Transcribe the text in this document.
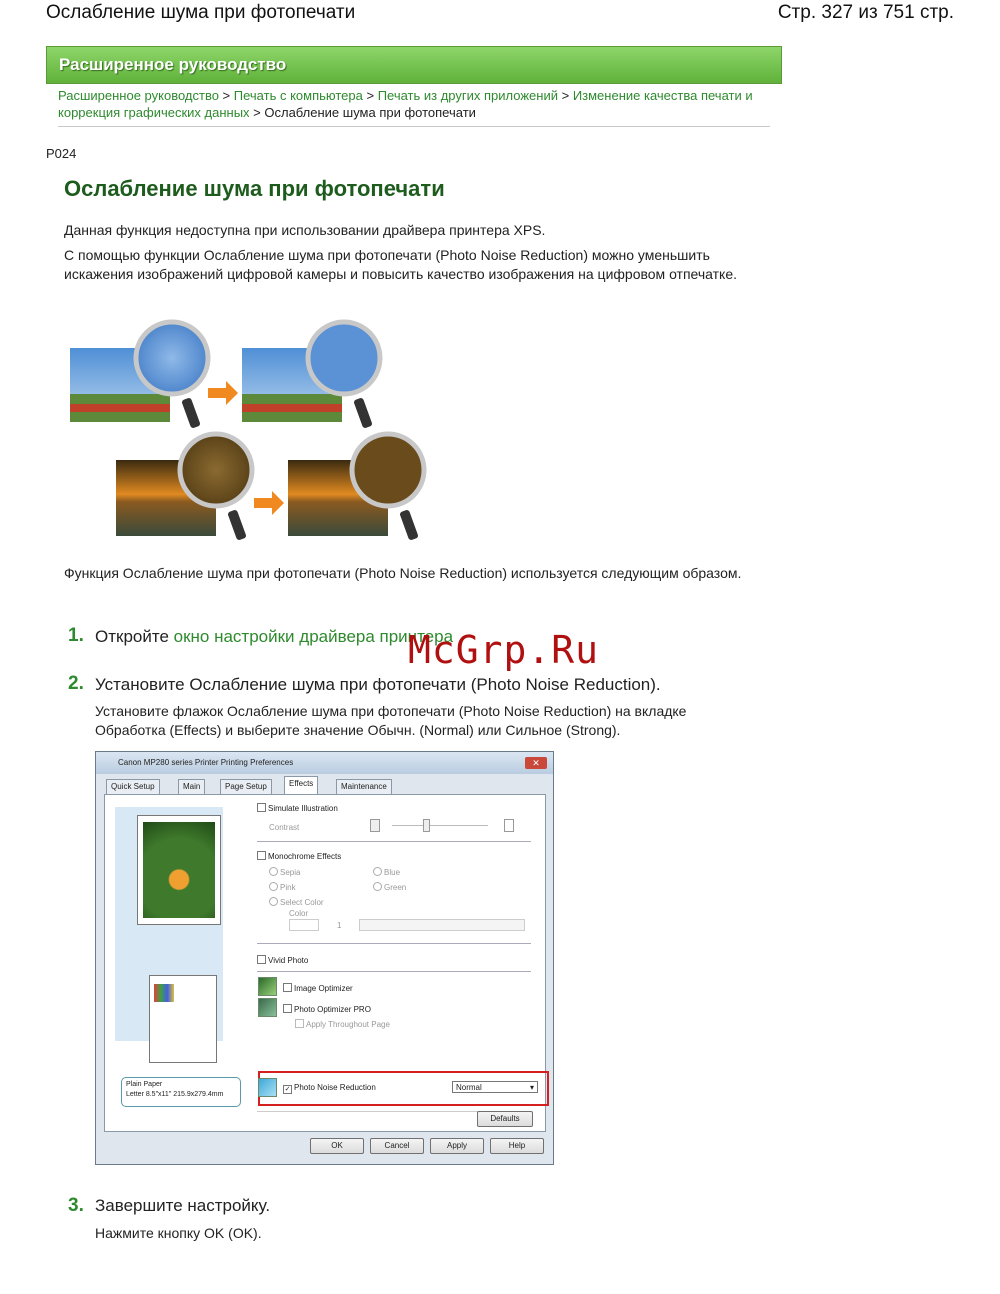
Ослабление шума при фотопечати	Стр. 327 из 751 стр.
Расширенное руководство
Расширенное руководство > Печать с компьютера > Печать из других приложений > Изменение качества печати и коррекция графических данных > Ослабление шума при фотопечати
P024
Ослабление шума при фотопечати
Данная функция недоступна при использовании драйвера принтера XPS.
С помощью функции Ослабление шума при фотопечати (Photo Noise Reduction) можно уменьшить искажения изображений цифровой камеры и повысить качество изображения на цифровом отпечатке.
Функция Ослабление шума при фотопечати (Photo Noise Reduction) используется следующим образом.
1. Откройте окно настройки драйвера принтера
McGrp.Ru
2. Установите Ослабление шума при фотопечати (Photo Noise Reduction).
Установите флажок Ослабление шума при фотопечати (Photo Noise Reduction) на вкладке Обработка (Effects) и выберите значение Обычн. (Normal) или Сильное (Strong).
Canon MP280 series Printer Printing Preferences	✕
Quick Setup	Main	Page Setup	Effects	Maintenance
Plain Paper
Letter 8.5"x11" 215.9x279.4mm
Simulate Illustration
Contrast
Monochrome Effects
Sepia	Blue
Pink	Green
Select Color
Color
1
Vivid Photo
Image Optimizer
Photo Optimizer PRO
Apply Throughout Page
✓ Photo Noise Reduction	Normal	▾
Defaults
OK	Cancel	Apply	Help
3. Завершите настройку.
Нажмите кнопку OK (OK).
